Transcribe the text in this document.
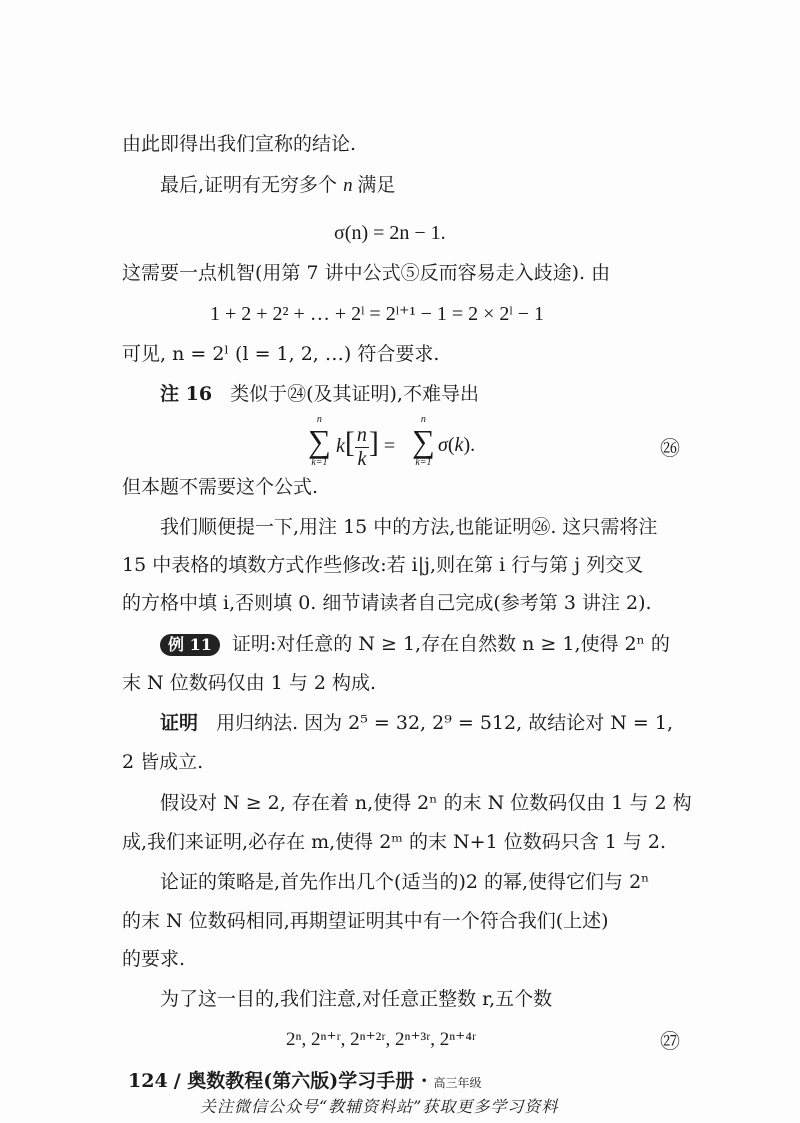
由此即得出我们宣称的结论.
最后,证明有无穷多个 n 满足
σ(n) = 2n − 1.
这需要一点机智(用第 7 讲中公式⑤反而容易走入歧途). 由
1 + 2 + 2² + … + 2ˡ = 2ˡ⁺¹ − 1 = 2 × 2ˡ − 1
可见, n = 2ˡ (l = 1, 2, …) 符合要求.
注 16 类似于㉔(及其证明),不难导出
n
∑
k=1
$k[ \frac{n}{k}$ ] =
n
∑
k=1
σ(k).	㉖
但本题不需要这个公式.
我们顺便提一下,用注 15 中的方法,也能证明㉖. 这只需将注
15 中表格的填数方式作些修改:若 i|j,则在第 i 行与第 j 列交叉
的方格中填 i,否则填 0. 细节请读者自己完成(参考第 3 讲注 2).
例 11 证明:对任意的 N ≥ 1,存在自然数 n ≥ 1,使得 2ⁿ 的
末 N 位数码仅由 1 与 2 构成.
证明 用归纳法. 因为 2⁵ = 32, 2⁹ = 512, 故结论对 N = 1,
2 皆成立.
假设对 N ≥ 2, 存在着 n,使得 2ⁿ 的末 N 位数码仅由 1 与 2 构
成,我们来证明,必存在 m,使得 2ᵐ 的末 N+1 位数码只含 1 与 2.
论证的策略是,首先作出几个(适当的)2 的幂,使得它们与 2ⁿ
的末 N 位数码相同,再期望证明其中有一个符合我们(上述)
的要求.
为了这一目的,我们注意,对任意正整数 r,五个数
2ⁿ, 2ⁿ⁺ʳ, 2ⁿ⁺²ʳ, 2ⁿ⁺³ʳ, 2ⁿ⁺⁴ʳ	㉗
124 / 奥数教程(第六版)学习手册 · 高三年级
关注微信公众号“教辅资料站”获取更多学习资料
